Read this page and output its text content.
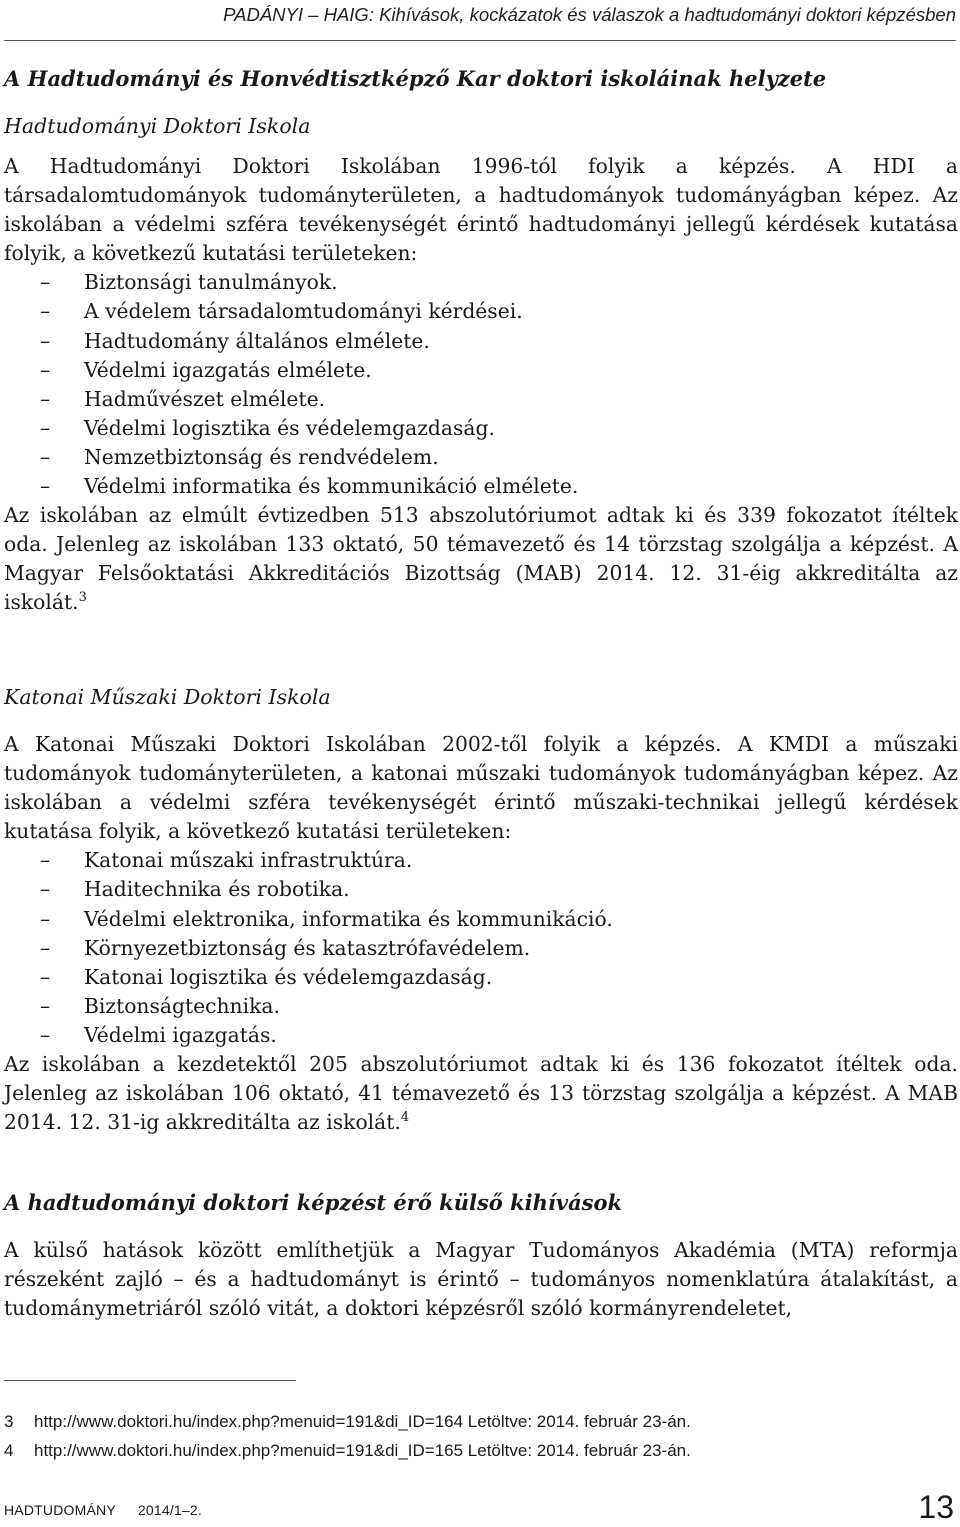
PADÁNYI – HAIG: Kihívások, kockázatok és válaszok a hadtudományi doktori képzésben
A Hadtudományi és Honvédtisztképző Kar doktori iskoláinak helyzete
Hadtudományi Doktori Iskola

A Hadtudományi Doktori Iskolában 1996-tól folyik a képzés. A HDI a társadalomtudományok tudományterületen, a hadtudományok tudományágban képez. Az iskolában a védelmi szféra tevékenységét érintő hadtudományi jellegű kérdések kutatása folyik, a következű kutatási területeken:

– Biztonsági tanulmányok.
– A védelem társadalomtudományi kérdései.
– Hadtudomány általános elmélete.
– Védelmi igazgatás elmélete.
– Hadművészet elmélete.
– Védelmi logisztika és védelemgazdaság.
– Nemzetbiztonság és rendvédelem.
– Védelmi informatika és kommunikáció elmélete.

Az iskolában az elmúlt évtizedben 513 abszolutóriumot adtak ki és 339 fokozatot ítéltek oda. Jelenleg az iskolában 133 oktató, 50 témavezető és 14 törzstag szolgálja a képzést. A Magyar Felsőoktatási Akkreditációs Bizottság (MAB) 2014. 12. 31-éig akkreditálta az iskolát.$^3$

Katonai Műszaki Doktori Iskola

A Katonai Műszaki Doktori Iskolában 2002-től folyik a képzés. A KMDI a műszaki tudományok tudományterületen, a katonai műszaki tudományok tudományágban képez. Az iskolában a védelmi szféra tevékenységét érintő műszaki-technikai jellegű kérdések kutatása folyik, a következő kutatási területeken:

– Katonai műszaki infrastruktúra.
– Haditechnika és robotika.
– Védelmi elektronika, informatika és kommunikáció.
– Környezetbiztonság és katasztrófavédelem.
– Katonai logisztika és védelemgazdaság.
– Biztonságtechnika.
– Védelmi igazgatás.

Az iskolában a kezdetektől 205 abszolutóriumot adtak ki és 136 fokozatot ítéltek oda. Jelenleg az iskolában 106 oktató, 41 témavezető és 13 törzstag szolgálja a képzést. A MAB 2014. 12. 31-ig akkreditálta az iskolát.$^4$

A hadtudományi doktori képzést érő külső kihívások

A külső hatások között említhetjük a Magyar Tudományos Akadémia (MTA) reformja részeként zajló – és a hadtudományt is érintő – tudományos nomenklatúra átalakítást, a tudománymetriáról szóló vitát, a doktori képzésről szóló kormányrendeletet,

3 http://www.doktori.hu/index.php?menuid=191&di_ID=164 Letöltve: 2014. február 23-án.
4 http://www.doktori.hu/index.php?menuid=191&di_ID=165 Letöltve: 2014. február 23-án.
HADTUDOMÁNY 2014/1–2.	13
